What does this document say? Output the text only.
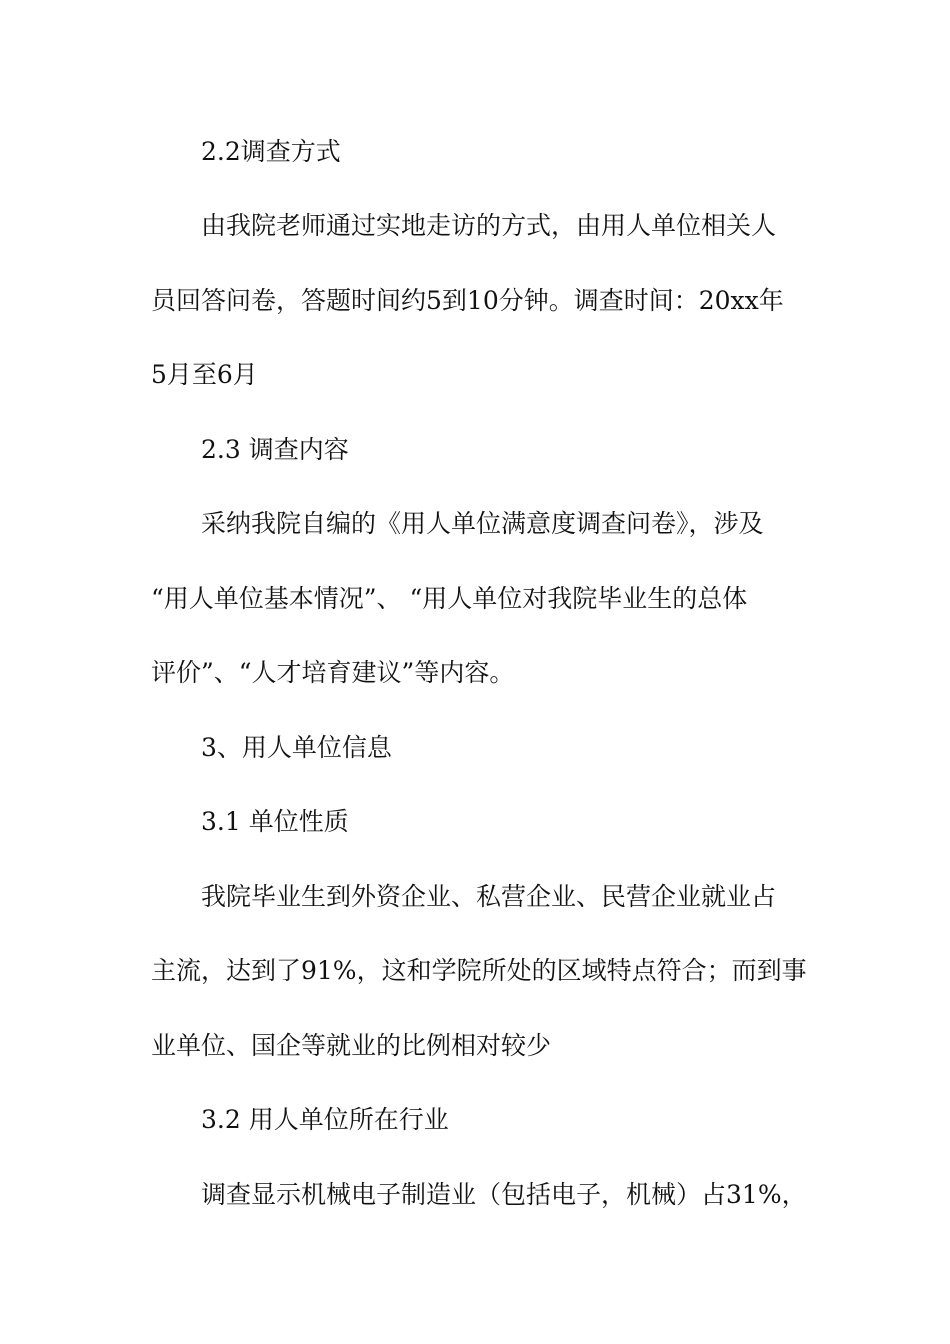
2.2调查方式
由我院老师通过实地走访的方式，由用人单位相关人
员回答问卷，答题时间约5到10分钟。调查时间：20xx年
5月至6月
2.3 调查内容
采纳我院自编的《用人单位满意度调查问卷》，涉及
“用人单位基本情况”、 “用人单位对我院毕业生的总体
评价”、“人才培育建议”等内容。
3、用人单位信息
3.1 单位性质
我院毕业生到外资企业、私营企业、民营企业就业占
主流，达到了91%，这和学院所处的区域特点符合；而到事
业单位、国企等就业的比例相对较少
3.2 用人单位所在行业
调查显示机械电子制造业（包括电子，机械）占31%，
